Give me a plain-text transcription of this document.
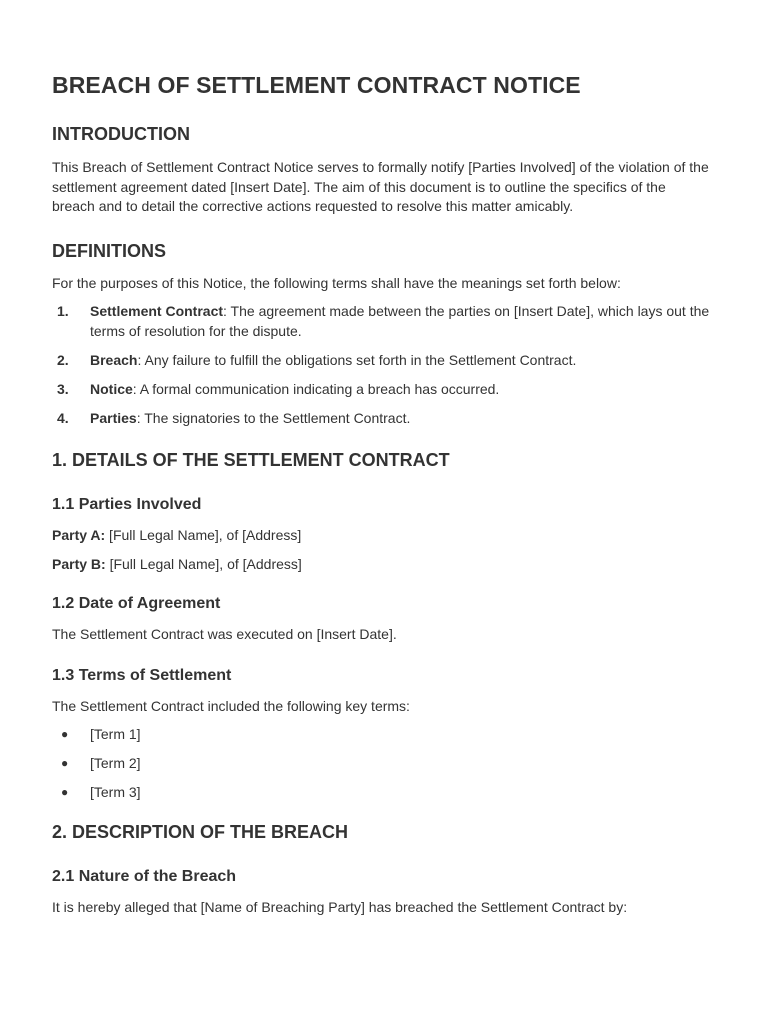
BREACH OF SETTLEMENT CONTRACT NOTICE
INTRODUCTION

This Breach of Settlement Contract Notice serves to formally notify [Parties Involved] of the violation of the settlement agreement dated [Insert Date]. The aim of this document is to outline the specifics of the breach and to detail the corrective actions requested to resolve this matter amicably.

DEFINITIONS

For the purposes of this Notice, the following terms shall have the meanings set forth below:

1. Settlement Contract: The agreement made between the parties on [Insert Date], which lays out the terms of resolution for the dispute.
2. Breach: Any failure to fulfill the obligations set forth in the Settlement Contract.
3. Notice: A formal communication indicating a breach has occurred.
4. Parties: The signatories to the Settlement Contract.
1. DETAILS OF THE SETTLEMENT CONTRACT
1.1 Parties Involved

Party A: [Full Legal Name], of [Address]

Party B: [Full Legal Name], of [Address]

1.2 Date of Agreement

The Settlement Contract was executed on [Insert Date].

1.3 Terms of Settlement

The Settlement Contract included the following key terms:

● [Term 1]
● [Term 2]
● [Term 3]
2. DESCRIPTION OF THE BREACH
2.1 Nature of the Breach

It is hereby alleged that [Name of Breaching Party] has breached the Settlement Contract by:
